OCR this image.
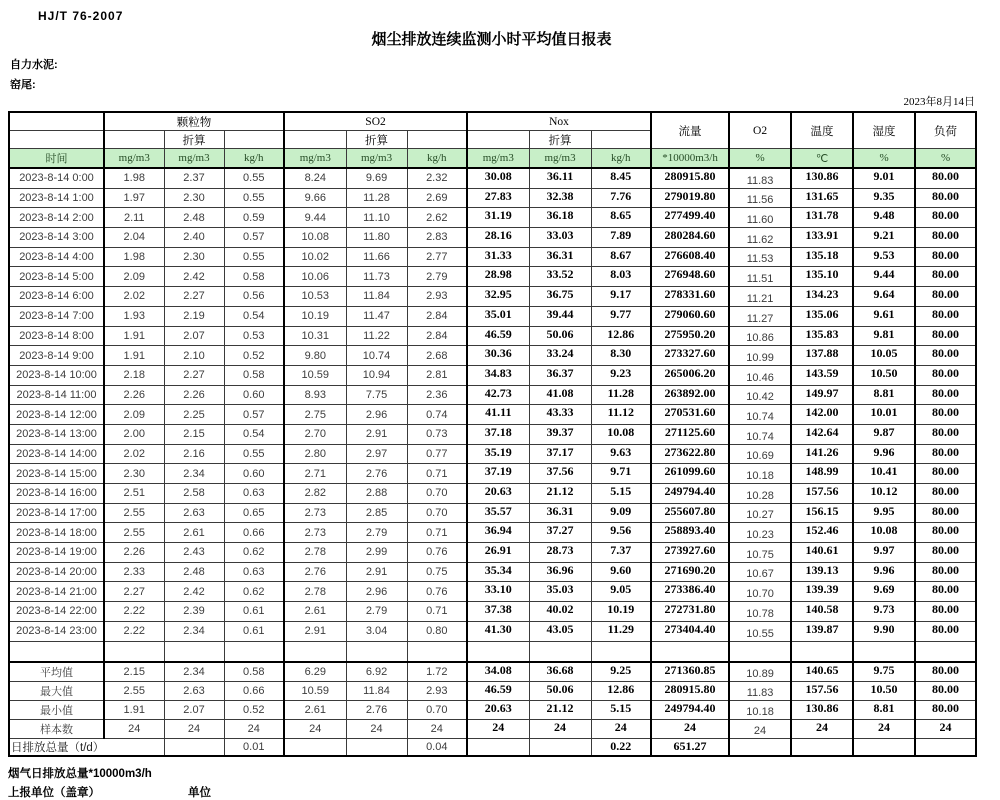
HJ/T 76-2007
烟尘排放连续监测小时平均值日报表
自力水泥:
窑尾:
2023年8月14日
	颗粒物			SO2			Nox			流量	O2	温度	湿度	负荷
		折算			折算			折算						
时间	mg/m3	mg/m3	kg/h	mg/m3	mg/m3	kg/h	mg/m3	mg/m3	kg/h	*10000m3/h	%	℃	%	%
2023-8-14 0:00	1.98	2.37	0.55	8.24	9.69	2.32	30.08	36.11	8.45	280915.80	11.83	130.86	9.01	80.00
2023-8-14 1:00	1.97	2.30	0.55	9.66	11.28	2.69	27.83	32.38	7.76	279019.80	11.56	131.65	9.35	80.00
2023-8-14 2:00	2.11	2.48	0.59	9.44	11.10	2.62	31.19	36.18	8.65	277499.40	11.60	131.78	9.48	80.00
2023-8-14 3:00	2.04	2.40	0.57	10.08	11.80	2.83	28.16	33.03	7.89	280284.60	11.62	133.91	9.21	80.00
2023-8-14 4:00	1.98	2.30	0.55	10.02	11.66	2.77	31.33	36.31	8.67	276608.40	11.53	135.18	9.53	80.00
2023-8-14 5:00	2.09	2.42	0.58	10.06	11.73	2.79	28.98	33.52	8.03	276948.60	11.51	135.10	9.44	80.00
2023-8-14 6:00	2.02	2.27	0.56	10.53	11.84	2.93	32.95	36.75	9.17	278331.60	11.21	134.23	9.64	80.00
2023-8-14 7:00	1.93	2.19	0.54	10.19	11.47	2.84	35.01	39.44	9.77	279060.60	11.27	135.06	9.61	80.00
2023-8-14 8:00	1.91	2.07	0.53	10.31	11.22	2.84	46.59	50.06	12.86	275950.20	10.86	135.83	9.81	80.00
2023-8-14 9:00	1.91	2.10	0.52	9.80	10.74	2.68	30.36	33.24	8.30	273327.60	10.99	137.88	10.05	80.00
2023-8-14 10:00	2.18	2.27	0.58	10.59	10.94	2.81	34.83	36.37	9.23	265006.20	10.46	143.59	10.50	80.00
2023-8-14 11:00	2.26	2.26	0.60	8.93	7.75	2.36	42.73	41.08	11.28	263892.00	10.42	149.97	8.81	80.00
2023-8-14 12:00	2.09	2.25	0.57	2.75	2.96	0.74	41.11	43.33	11.12	270531.60	10.74	142.00	10.01	80.00
2023-8-14 13:00	2.00	2.15	0.54	2.70	2.91	0.73	37.18	39.37	10.08	271125.60	10.74	142.64	9.87	80.00
2023-8-14 14:00	2.02	2.16	0.55	2.80	2.97	0.77	35.19	37.17	9.63	273622.80	10.69	141.26	9.96	80.00
2023-8-14 15:00	2.30	2.34	0.60	2.71	2.76	0.71	37.19	37.56	9.71	261099.60	10.18	148.99	10.41	80.00
2023-8-14 16:00	2.51	2.58	0.63	2.82	2.88	0.70	20.63	21.12	5.15	249794.40	10.28	157.56	10.12	80.00
2023-8-14 17:00	2.55	2.63	0.65	2.73	2.85	0.70	35.57	36.31	9.09	255607.80	10.27	156.15	9.95	80.00
2023-8-14 18:00	2.55	2.61	0.66	2.73	2.79	0.71	36.94	37.27	9.56	258893.40	10.23	152.46	10.08	80.00
2023-8-14 19:00	2.26	2.43	0.62	2.78	2.99	0.76	26.91	28.73	7.37	273927.60	10.75	140.61	9.97	80.00
2023-8-14 20:00	2.33	2.48	0.63	2.76	2.91	0.75	35.34	36.96	9.60	271690.20	10.67	139.13	9.96	80.00
2023-8-14 21:00	2.27	2.42	0.62	2.78	2.96	0.76	33.10	35.03	9.05	273386.40	10.70	139.39	9.69	80.00
2023-8-14 22:00	2.22	2.39	0.61	2.61	2.79	0.71	37.38	40.02	10.19	272731.80	10.78	140.58	9.73	80.00
2023-8-14 23:00	2.22	2.34	0.61	2.91	3.04	0.80	41.30	43.05	11.29	273404.40	10.55	139.87	9.90	80.00

平均值	2.15	2.34	0.58	6.29	6.92	1.72	34.08	36.68	9.25	271360.85	10.89	140.65	9.75	80.00
最大值	2.55	2.63	0.66	10.59	11.84	2.93	46.59	50.06	12.86	280915.80	11.83	157.56	10.50	80.00
最小值	1.91	2.07	0.52	2.61	2.76	0.70	20.63	21.12	5.15	249794.40	10.18	130.86	8.81	80.00
样本数	24	24	24	24	24	24	24	24	24	24	24	24	24	24
日排放总量（t/d）			0.01			0.04			0.22	651.27				
烟气日排放总量*10000m3/h
上报单位（盖章）	单位
